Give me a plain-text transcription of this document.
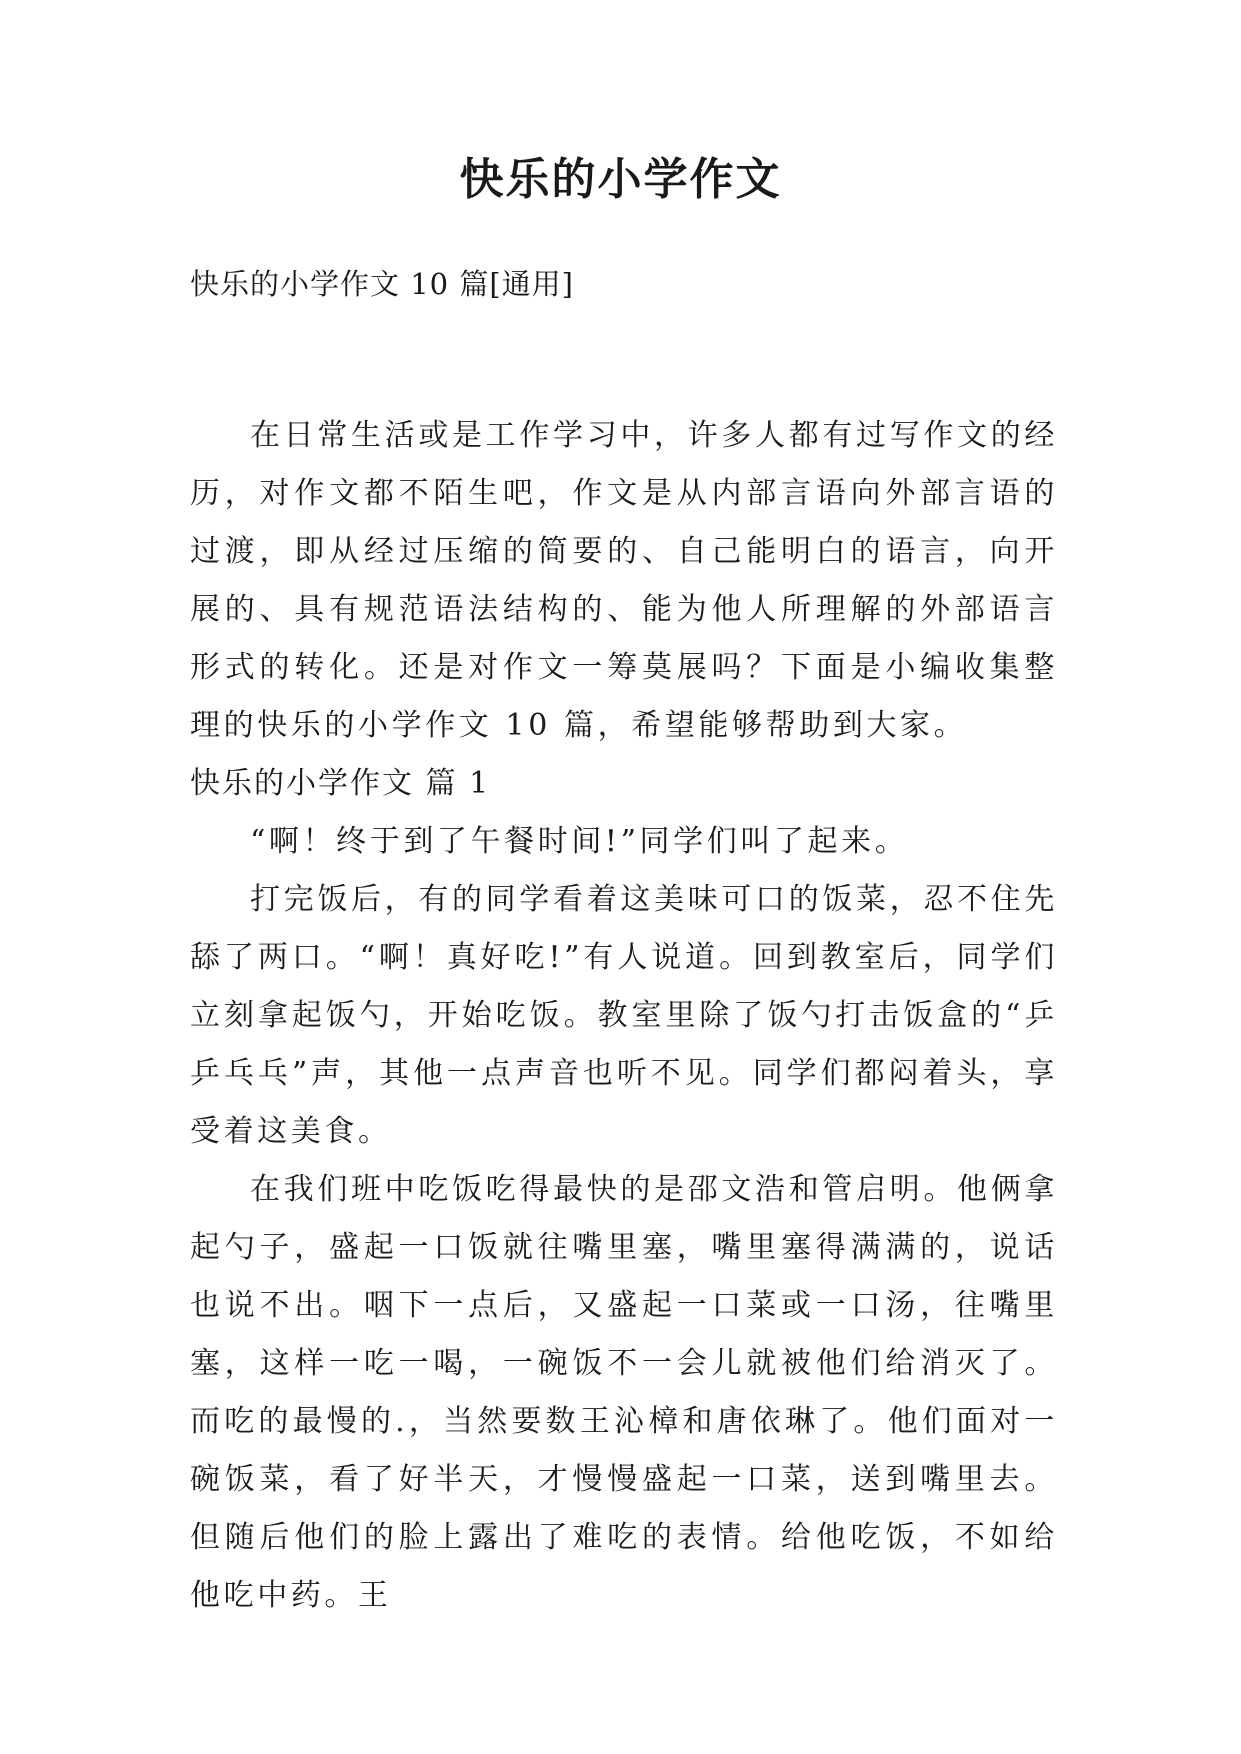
快乐的小学作文
快乐的小学作文 10 篇[通用]

在日常生活或是工作学习中，许多人都有过写作文的经历，对作文都不陌生吧，作文是从内部言语向外部言语的过渡，即从经过压缩的简要的、自己能明白的语言，向开展的、具有规范语法结构的、能为他人所理解的外部语言形式的转化。还是对作文一筹莫展吗？下面是小编收集整理的快乐的小学作文 10 篇，希望能够帮助到大家。

快乐的小学作文 篇 1

“啊！终于到了午餐时间!”同学们叫了起来。

打完饭后，有的同学看着这美味可口的饭菜，忍不住先舔了两口。“啊！真好吃!”有人说道。回到教室后，同学们立刻拿起饭勺，开始吃饭。教室里除了饭勺打击饭盒的“乒乒乓乓”声，其他一点声音也听不见。同学们都闷着头，享受着这美食。

在我们班中吃饭吃得最快的是邵文浩和管启明。他俩拿起勺子，盛起一口饭就往嘴里塞，嘴里塞得满满的，说话也说不出。咽下一点后，又盛起一口菜或一口汤，往嘴里塞，这样一吃一喝，一碗饭不一会儿就被他们给消灭了。而吃的最慢的.，当然要数王沁樟和唐依琳了。他们面对一碗饭菜，看了好半天，才慢慢盛起一口菜，送到嘴里去。但随后他们的脸上露出了难吃的表情。给他吃饭，不如给他吃中药。王
